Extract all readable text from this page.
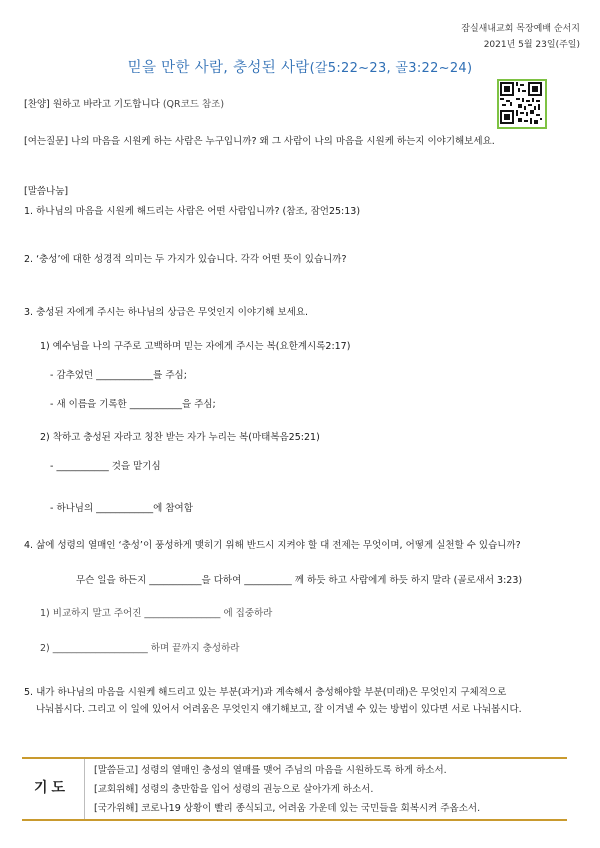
잠실새내교회 목장예배 순서지
2021년 5월 23일(주일)
믿을 만한 사람, 충성된 사람(갈5:22~23, 골3:22~24)
[찬양] 원하고 바라고 기도합니다 (QR코드 참조)
[여는질문] 나의 마음을 시원케 하는 사람은 누구입니까? 왜 그 사람이 나의 마음을 시원케 하는지 이야기해보세요.
[말씀나눔]
1. 하나님의 마음을 시원케 해드리는 사람은 어떤 사람입니까? (참조, 잠언25:13)
2. ‘충성’에 대한 성경적 의미는 두 가지가 있습니다. 각각 어떤 뜻이 있습니까?
3. 충성된 자에게 주시는 하나님의 상급은 무엇인지 이야기해 보세요.
1) 예수님을 나의 구주로 고백하며 믿는 자에게 주시는 복(요한계시록2:17)
- 감추었던 ____________를 주심;
- 새 이름을 기록한 ___________을 주심;
2) 착하고 충성된 자라고 칭찬 받는 자가 누리는 복(마태복음25:21)
- ___________ 것을 맡기심
- 하나님의 ____________에 참여함
4. 삶에 성령의 열매인 ‘충성’이 풍성하게 맺히기 위해 반드시 지켜야 할 대 전제는 무엇이며, 어떻게 실천할 수 있습니까?
무슨 일을 하든지 ___________을 다하여 __________ 께 하듯 하고 사람에게 하듯 하지 말라 (골로새서 3:23)
1) 비교하지 말고 주어진 ________________ 에 집중하라
2) ____________________ 하며 끝까지 충성하라
5. 내가 하나님의 마음을 시원케 해드리고 있는 부분(과거)과 계속해서 충성해야할 부분(미래)은 무엇인지 구체적으로
나눠봅시다. 그리고 이 일에 있어서 어려움은 무엇인지 얘기해보고, 잘 이겨낼 수 있는 방법이 있다면 서로 나눠봅시다.
기도
[말씀듣고] 성령의 열매인 충성의 열매를 맺어 주님의 마음을 시원하도록 하게 하소서.
[교회위해] 성령의 충만함을 입어 성령의 권능으로 살아가게 하소서.
[국가위해] 코로나19 상황이 빨리 종식되고, 어려움 가운데 있는 국민들을 회복시켜 주옵소서.
